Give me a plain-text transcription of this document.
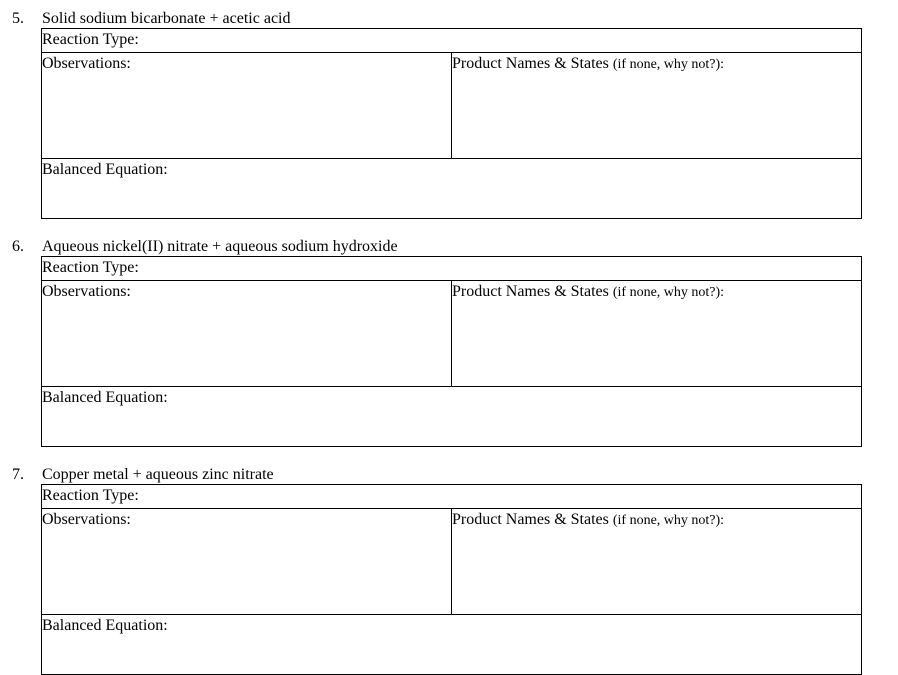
5. Solid sodium bicarbonate + acetic acid
Reaction Type:
Observations:	Product Names & States (if none, why not?):
Balanced Equation:
6. Aqueous nickel(II) nitrate + aqueous sodium hydroxide
Reaction Type:
Observations:	Product Names & States (if none, why not?):
Balanced Equation:
7. Copper metal + aqueous zinc nitrate
Reaction Type:
Observations:	Product Names & States (if none, why not?):
Balanced Equation:
